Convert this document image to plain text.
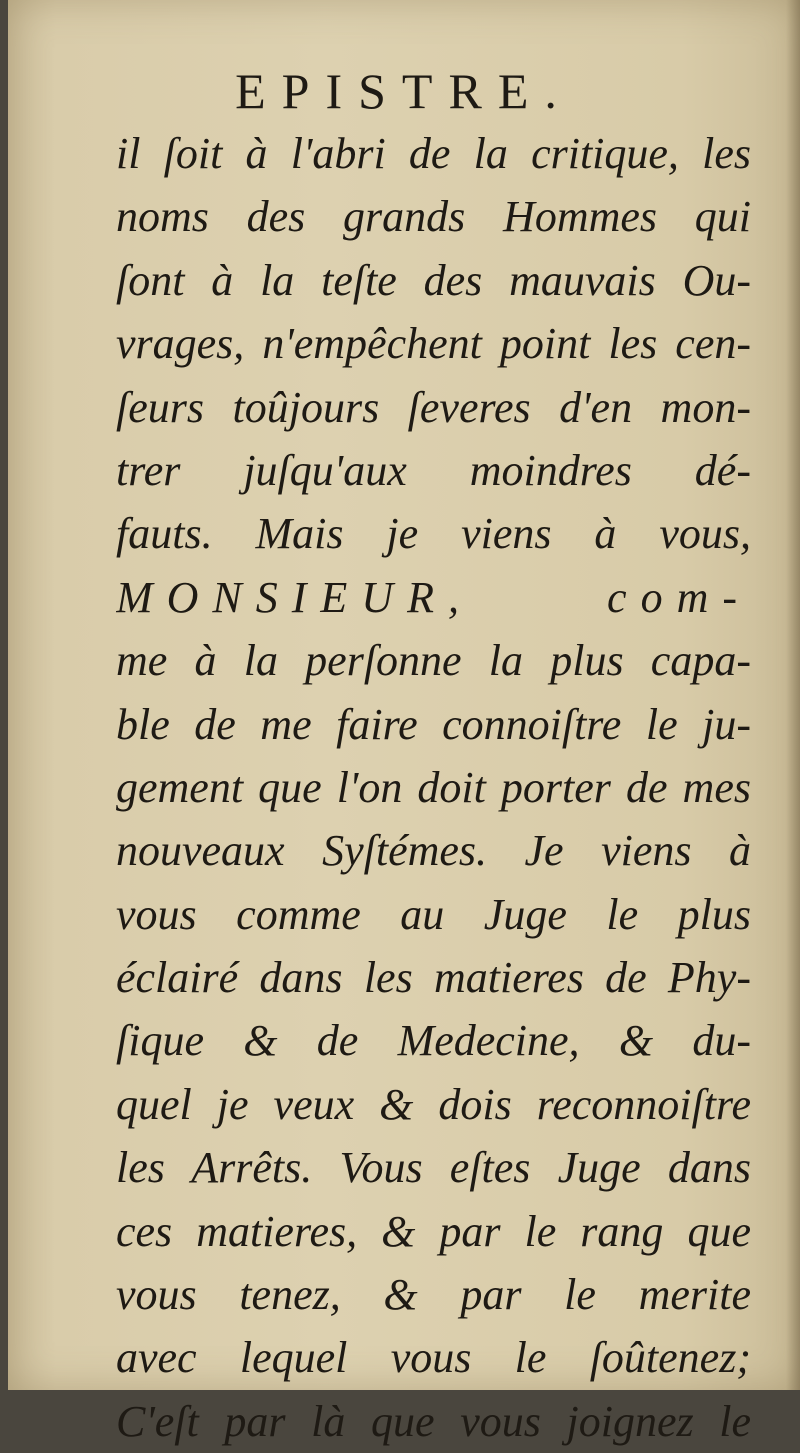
EPISTRE.
il ſoit à l'abri de la critique, les
noms des grands Hommes qui
ſont à la teſte des mauvais Ou-
vrages, n'empêchent point les cen-
ſeurs toûjours ſeveres d'en mon-
trer juſqu'aux moindres dé-
fauts. Mais je viens à vous,
MONSIEUR, com-
me à la perſonne la plus capa-
ble de me faire connoiſtre le ju-
gement que l'on doit porter de mes
nouveaux Syſtémes. Je viens à
vous comme au Juge le plus
éclairé dans les matieres de Phy-
ſique & de Medecine, & du-
quel je veux & dois reconnoiſtre
les Arrêts. Vous eſtes Juge dans
ces matieres, & par le rang que
vous tenez, & par le merite
avec lequel vous le ſoûtenez;
C'eſt par là que vous joignez le
